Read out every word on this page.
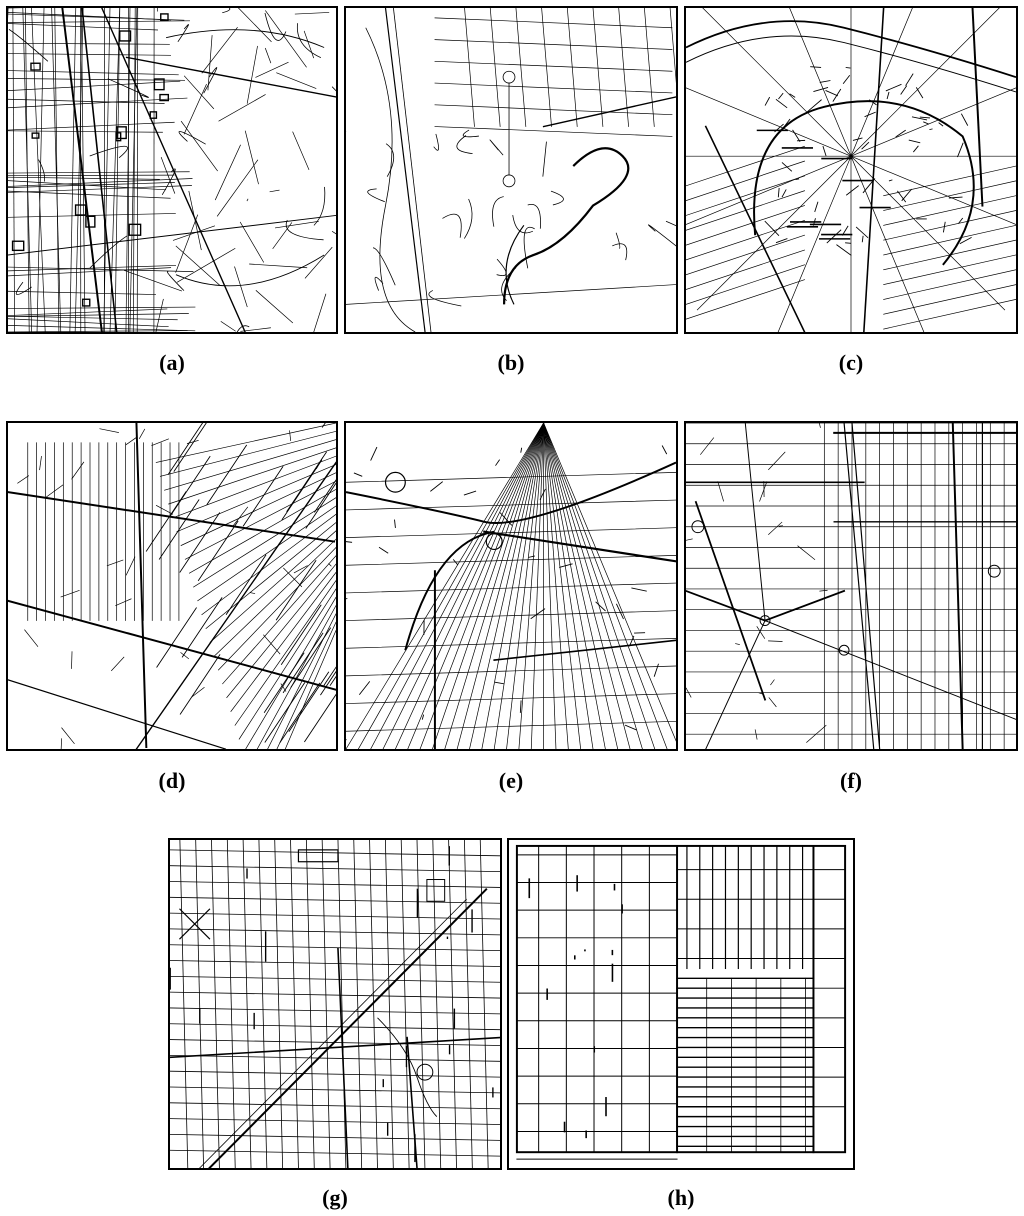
(a)	(b)	(c)
(d)	(e)	(f)
(g)	(h)
